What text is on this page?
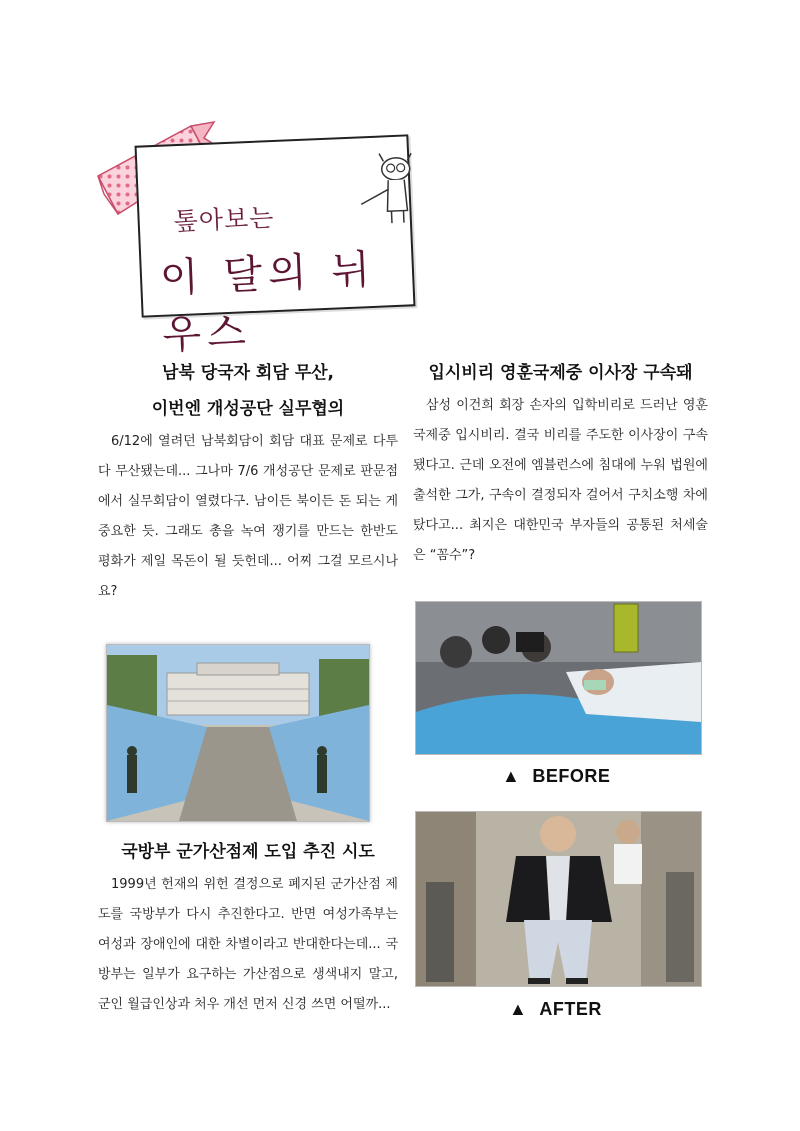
톺아보는
이 달의 뉘우스

남북 당국자 회담 무산,

이번엔 개성공단 실무협의

6/12에 열려던 남북회담이 회담 대표 문제로 다투다 무산됐는데... 그나마 7/6 개성공단 문제로 판문점에서 실무회담이 열렸다구. 남이든 북이든 돈 되는 게 중요한 듯. 그래도 총을 녹여 쟁기를 만드는 한반도 평화가 제일 목돈이 될 듯헌데... 어찌 그걸 모르시나요?

국방부 군가산점제 도입 추진 시도

1999년 헌재의 위헌 결정으로 폐지된 군가산점 제도를 국방부가 다시 추진한다고. 반면 여성가족부는 여성과 장애인에 대한 차별이라고 반대한다는데... 국방부는 일부가 요구하는 가산점으로 생색내지 말고, 군인 월급인상과 처우 개선 먼저 신경 쓰면 어떨까...

입시비리 영훈국제중 이사장 구속돼

삼성 이건희 회장 손자의 입학비리로 드러난 영훈국제중 입시비리. 결국 비리를 주도한 이사장이 구속됐다고. 근데 오전에 엠블런스에 침대에 누워 법원에 출석한 그가, 구속이 결정되자 걸어서 구치소행 차에 탔다고... 최지은 대한민국 부자들의 공통된 처세술은 “꼼수”?

▲ BEFORE
▲ AFTER
